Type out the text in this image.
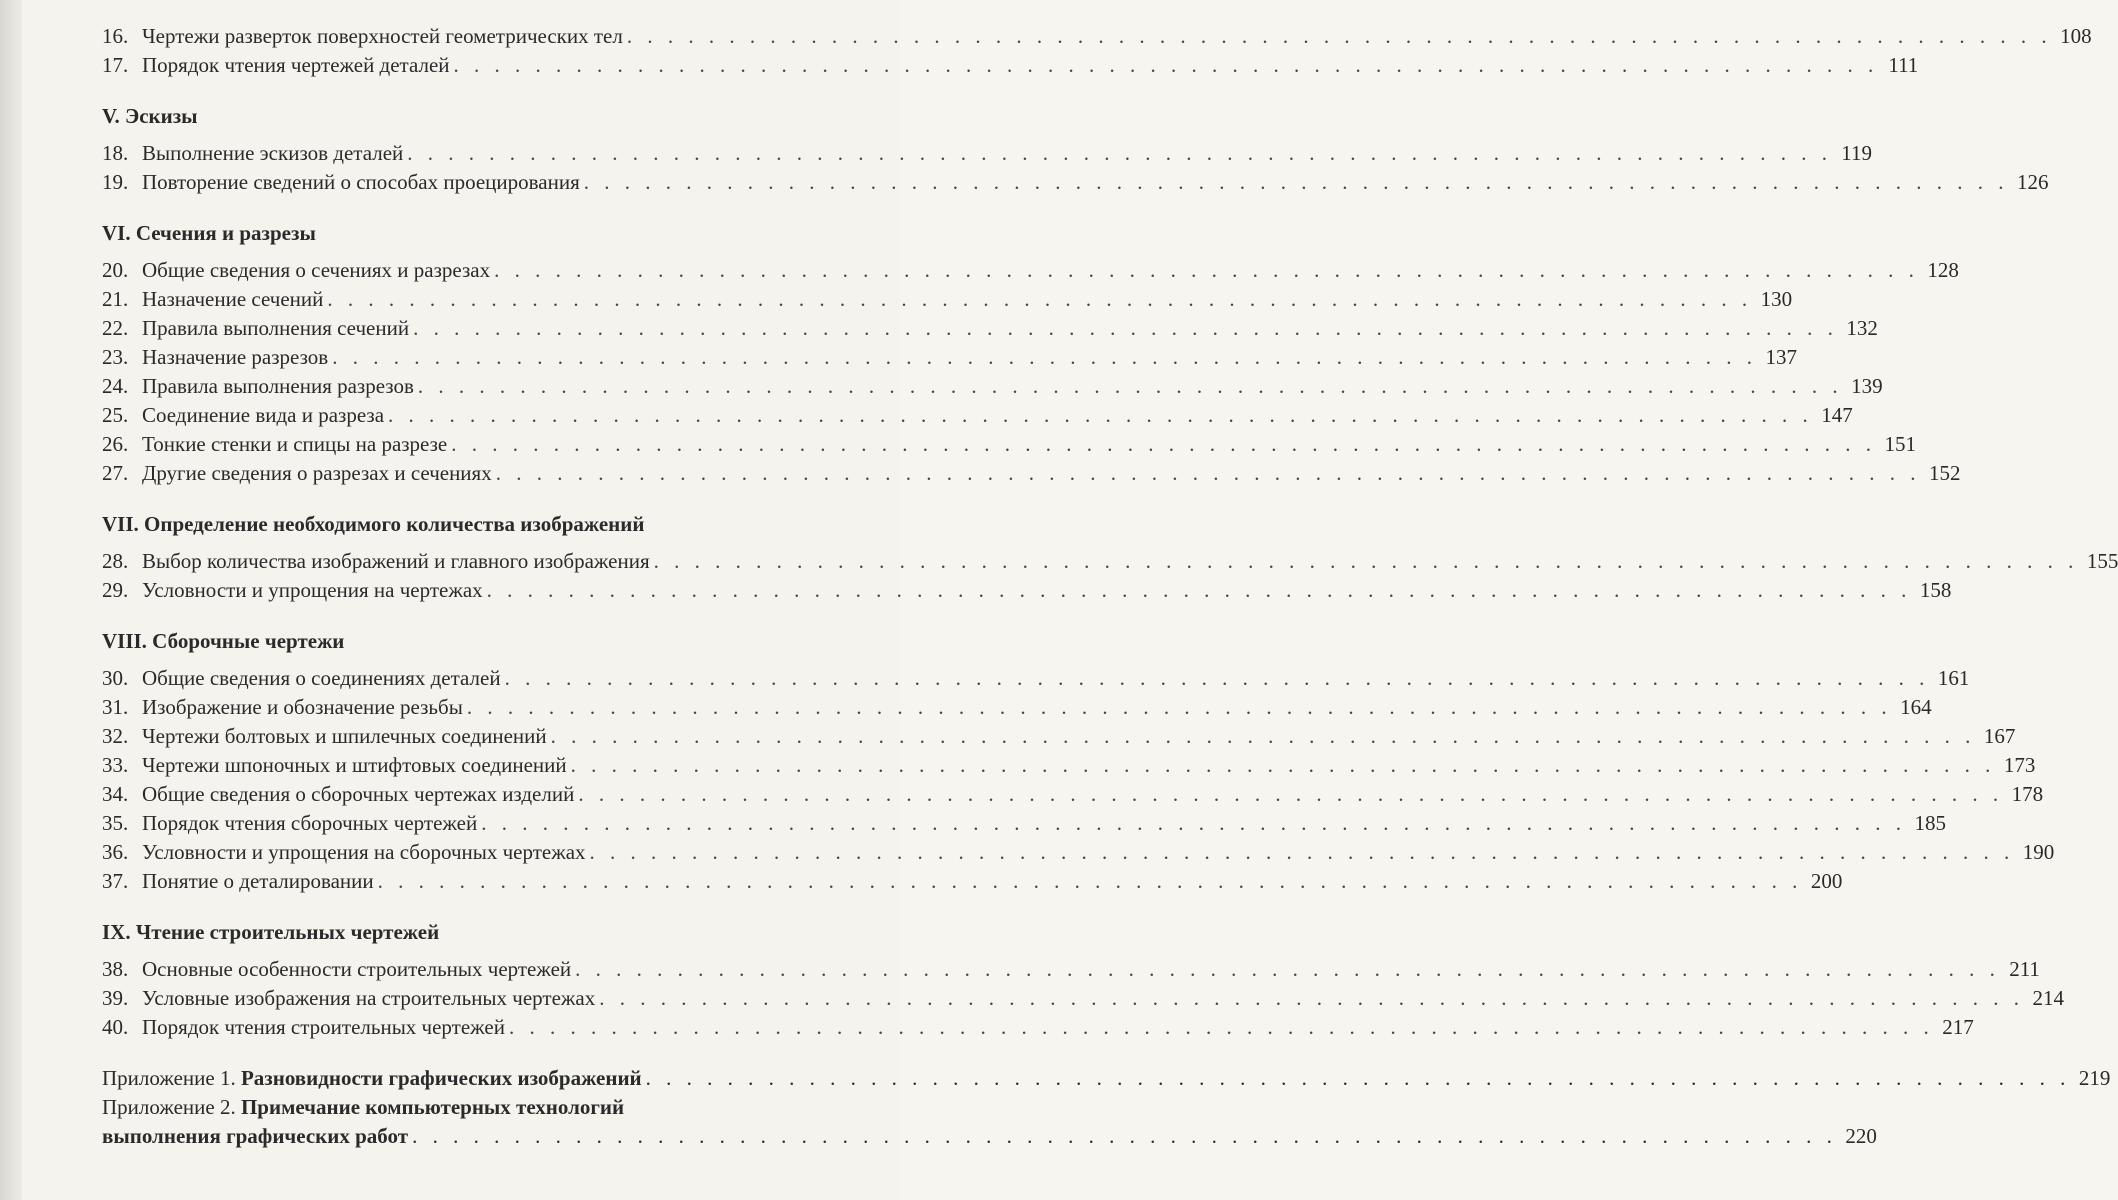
16. Чертежи разверток поверхностей геометрических тел . . . . . . . . . . . . . . . . . . . . . . . . . . . . . . . . . . . . . . . . . . . . . . . . . . . . . . . . . . . . . . . . . . . . . . 108
17. Порядок чтения чертежей деталей . . . . . . . . . . . . . . . . . . . . . . . . . . . . . . . . . . . . . . . . . . . . . . . . . . . . . . . . . . . . . . . . . . . . . . 111
V. Эскизы
18. Выполнение эскизов деталей . . . . . . . . . . . . . . . . . . . . . . . . . . . . . . . . . . . . . . . . . . . . . . . . . . . . . . . . . . . . . . . . . . . . . . 119
19. Повторение сведений о способах проецирования . . . . . . . . . . . . . . . . . . . . . . . . . . . . . . . . . . . . . . . . . . . . . . . . . . . . . . . . . . . . . . . . . . . . . . 126
VI. Сечения и разрезы
20. Общие сведения о сечениях и разрезах . . . . . . . . . . . . . . . . . . . . . . . . . . . . . . . . . . . . . . . . . . . . . . . . . . . . . . . . . . . . . . . . . . . . . . 128
21. Назначение сечений . . . . . . . . . . . . . . . . . . . . . . . . . . . . . . . . . . . . . . . . . . . . . . . . . . . . . . . . . . . . . . . . . . . . . . 130
22. Правила выполнения сечений . . . . . . . . . . . . . . . . . . . . . . . . . . . . . . . . . . . . . . . . . . . . . . . . . . . . . . . . . . . . . . . . . . . . . . 132
23. Назначение разрезов . . . . . . . . . . . . . . . . . . . . . . . . . . . . . . . . . . . . . . . . . . . . . . . . . . . . . . . . . . . . . . . . . . . . . . 137
24. Правила выполнения разрезов . . . . . . . . . . . . . . . . . . . . . . . . . . . . . . . . . . . . . . . . . . . . . . . . . . . . . . . . . . . . . . . . . . . . . . 139
25. Соединение вида и разреза . . . . . . . . . . . . . . . . . . . . . . . . . . . . . . . . . . . . . . . . . . . . . . . . . . . . . . . . . . . . . . . . . . . . . . 147
26. Тонкие стенки и спицы на разрезе . . . . . . . . . . . . . . . . . . . . . . . . . . . . . . . . . . . . . . . . . . . . . . . . . . . . . . . . . . . . . . . . . . . . . . 151
27. Другие сведения о разрезах и сечениях . . . . . . . . . . . . . . . . . . . . . . . . . . . . . . . . . . . . . . . . . . . . . . . . . . . . . . . . . . . . . . . . . . . . . . 152
VII. Определение необходимого количества изображений
28. Выбор количества изображений и главного изображения . . . . . . . . . . . . . . . . . . . . . . . . . . . . . . . . . . . . . . . . . . . . . . . . . . . . . . . . . . . . . . . . . . . . . . 155
29. Условности и упрощения на чертежах . . . . . . . . . . . . . . . . . . . . . . . . . . . . . . . . . . . . . . . . . . . . . . . . . . . . . . . . . . . . . . . . . . . . . . 158
VIII. Сборочные чертежи
30. Общие сведения о соединениях деталей . . . . . . . . . . . . . . . . . . . . . . . . . . . . . . . . . . . . . . . . . . . . . . . . . . . . . . . . . . . . . . . . . . . . . . 161
31. Изображение и обозначение резьбы . . . . . . . . . . . . . . . . . . . . . . . . . . . . . . . . . . . . . . . . . . . . . . . . . . . . . . . . . . . . . . . . . . . . . . 164
32. Чертежи болтовых и шпилечных соединений . . . . . . . . . . . . . . . . . . . . . . . . . . . . . . . . . . . . . . . . . . . . . . . . . . . . . . . . . . . . . . . . . . . . . . 167
33. Чертежи шпоночных и штифтовых соединений . . . . . . . . . . . . . . . . . . . . . . . . . . . . . . . . . . . . . . . . . . . . . . . . . . . . . . . . . . . . . . . . . . . . . . 173
34. Общие сведения о сборочных чертежах изделий . . . . . . . . . . . . . . . . . . . . . . . . . . . . . . . . . . . . . . . . . . . . . . . . . . . . . . . . . . . . . . . . . . . . . . 178
35. Порядок чтения сборочных чертежей . . . . . . . . . . . . . . . . . . . . . . . . . . . . . . . . . . . . . . . . . . . . . . . . . . . . . . . . . . . . . . . . . . . . . . 185
36. Условности и упрощения на сборочных чертежах . . . . . . . . . . . . . . . . . . . . . . . . . . . . . . . . . . . . . . . . . . . . . . . . . . . . . . . . . . . . . . . . . . . . . . 190
37. Понятие о деталировании . . . . . . . . . . . . . . . . . . . . . . . . . . . . . . . . . . . . . . . . . . . . . . . . . . . . . . . . . . . . . . . . . . . . . . 200
IX. Чтение строительных чертежей
38. Основные особенности строительных чертежей . . . . . . . . . . . . . . . . . . . . . . . . . . . . . . . . . . . . . . . . . . . . . . . . . . . . . . . . . . . . . . . . . . . . . . 211
39. Условные изображения на строительных чертежах . . . . . . . . . . . . . . . . . . . . . . . . . . . . . . . . . . . . . . . . . . . . . . . . . . . . . . . . . . . . . . . . . . . . . . 214
40. Порядок чтения строительных чертежей . . . . . . . . . . . . . . . . . . . . . . . . . . . . . . . . . . . . . . . . . . . . . . . . . . . . . . . . . . . . . . . . . . . . . . 217
Приложение 1. Разновидности графических изображений . . . . . . . . . . . . . . . . . . . . . . . . . . . . . . . . . . . . . . . . . . . . . . . . . . . . . . . . . . . . . . . . . . . . . . 219
Приложение 2. Примечание компьютерных технологий
выполнения графических работ . . . . . . . . . . . . . . . . . . . . . . . . . . . . . . . . . . . . . . . . . . . . . . . . . . . . . . . . . . . . . . . . . . . . . . 220
